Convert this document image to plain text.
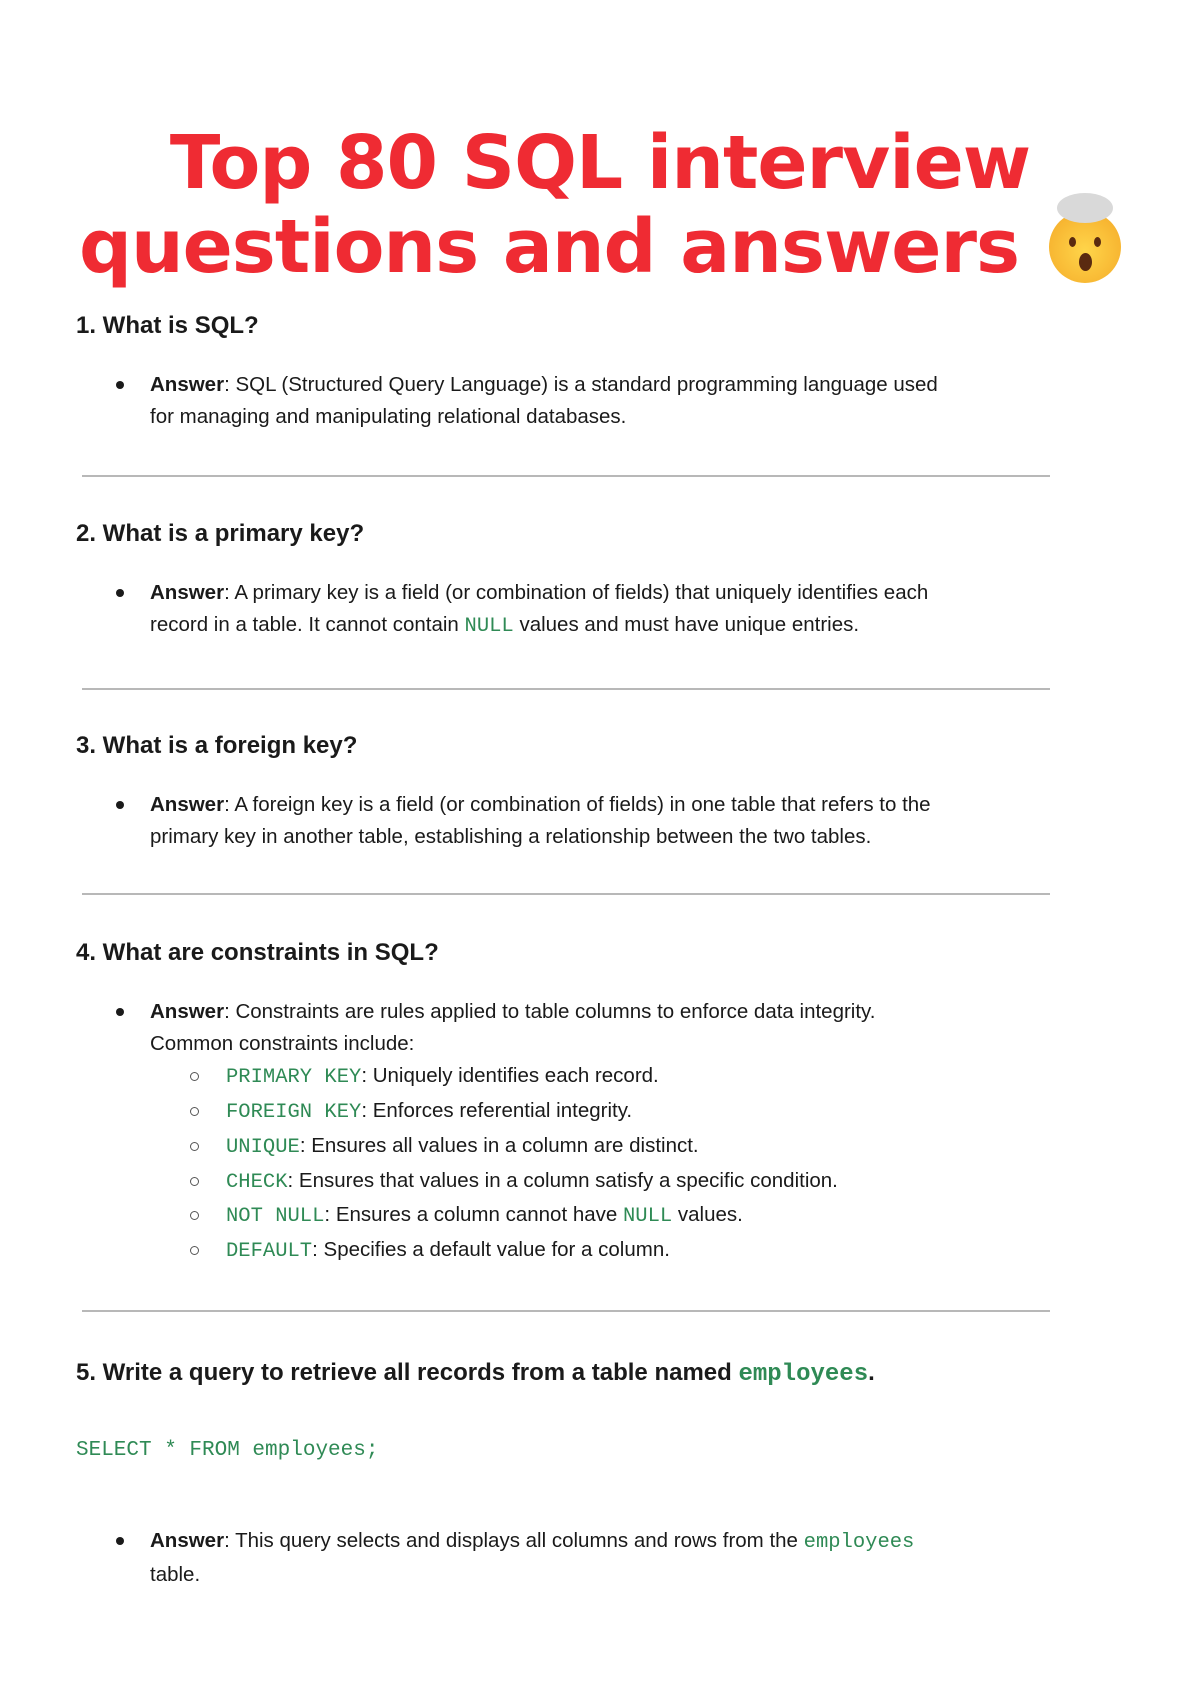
Top 80 SQL interview
questions and answers
1. What is SQL?
Answer: SQL (Structured Query Language) is a standard programming language used
for managing and manipulating relational databases.
2. What is a primary key?
Answer: A primary key is a field (or combination of fields) that uniquely identifies each
record in a table. It cannot contain NULL values and must have unique entries.
3. What is a foreign key?
Answer: A foreign key is a field (or combination of fields) in one table that refers to the
primary key in another table, establishing a relationship between the two tables.
4. What are constraints in SQL?
Answer: Constraints are rules applied to table columns to enforce data integrity.
Common constraints include:
PRIMARY KEY: Uniquely identifies each record.
FOREIGN KEY: Enforces referential integrity.
UNIQUE: Ensures all values in a column are distinct.
CHECK: Ensures that values in a column satisfy a specific condition.
NOT NULL: Ensures a column cannot have NULL values.
DEFAULT: Specifies a default value for a column.
5. Write a query to retrieve all records from a table named employees.
SELECT * FROM employees;
Answer: This query selects and displays all columns and rows from the employees
table.
